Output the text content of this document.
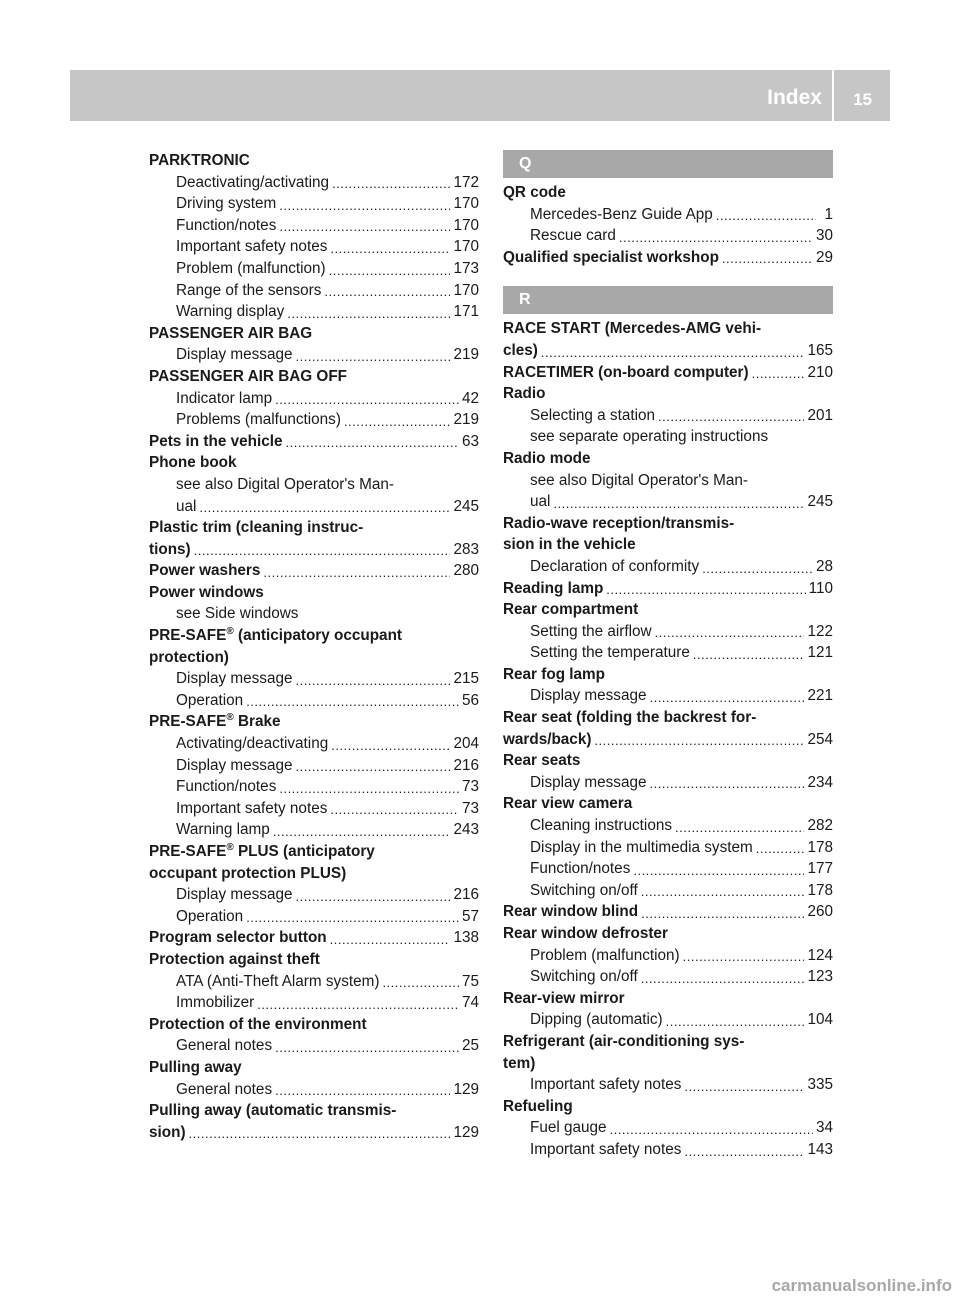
Index 15
PARKTRONIC
Deactivating/activating .....	172
Driving system .....	170
Function/notes .....	170
Important safety notes .....	170
Problem (malfunction) .....	173
Range of the sensors .....	170
Warning display .....	171
PASSENGER AIR BAG
Display message .....	219
PASSENGER AIR BAG OFF
Indicator lamp .....	42
Problems (malfunctions) .....	219
Pets in the vehicle .....	63
Phone book
see also Digital Operator's Man-
ual .....	245
Plastic trim (cleaning instruc-
tions) .....	283
Power washers .....	280
Power windows
see Side windows
PRE-SAFE® (anticipatory occupant
protection)
Display message .....	215
Operation .....	56
PRE-SAFE® Brake
Activating/deactivating .....	204
Display message .....	216
Function/notes .....	73
Important safety notes .....	73
Warning lamp .....	243
PRE-SAFE® PLUS (anticipatory
occupant protection PLUS)
Display message .....	216
Operation .....	57
Program selector button .....	138
Protection against theft
ATA (Anti-Theft Alarm system) .....	75
Immobilizer .....	74
Protection of the environment
General notes .....	25
Pulling away
General notes .....	129
Pulling away (automatic transmis-
sion) .....	129
Q
QR code
Mercedes-Benz Guide App .....	1
Rescue card .....	30
Qualified specialist workshop .....	29
R
RACE START (Mercedes-AMG vehi-
cles) .....	165
RACETIMER (on-board computer) .....	210
Radio
Selecting a station .....	201
see separate operating instructions
Radio mode
see also Digital Operator's Man-
ual .....	245
Radio-wave reception/transmis-
sion in the vehicle
Declaration of conformity .....	28
Reading lamp .....	110
Rear compartment
Setting the airflow .....	122
Setting the temperature .....	121
Rear fog lamp
Display message .....	221
Rear seat (folding the backrest for-
wards/back) .....	254
Rear seats
Display message .....	234
Rear view camera
Cleaning instructions .....	282
Display in the multimedia system .....	178
Function/notes .....	177
Switching on/off .....	178
Rear window blind .....	260
Rear window defroster
Problem (malfunction) .....	124
Switching on/off .....	123
Rear-view mirror
Dipping (automatic) .....	104
Refrigerant (air-conditioning sys-
tem)
Important safety notes .....	335
Refueling
Fuel gauge .....	34
Important safety notes .....	143
carmanualsonline.info
